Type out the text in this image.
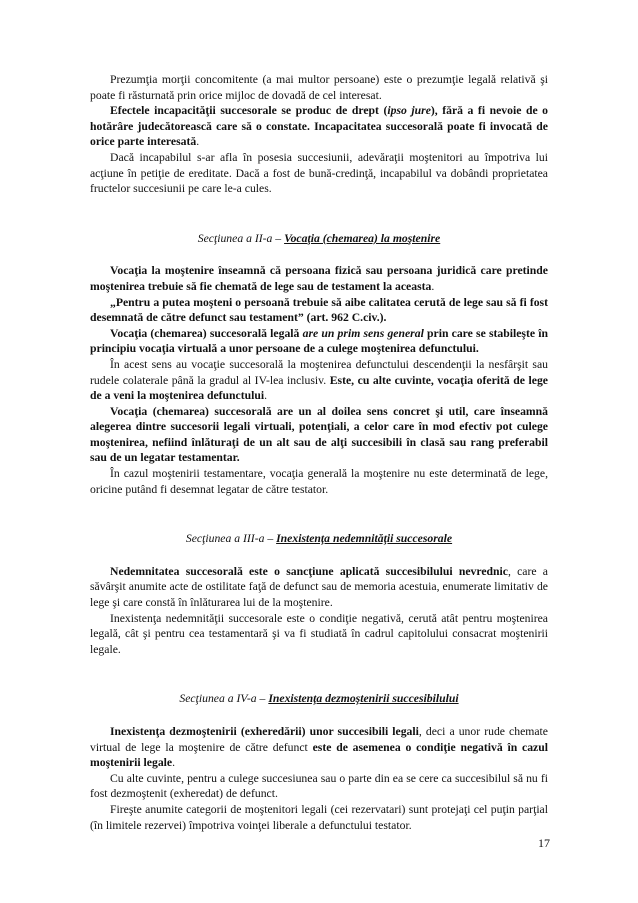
Prezumţia morţii concomitente (a mai multor persoane) este o prezumţie legală relativă şi poate fi răsturnată prin orice mijloc de dovadă de cel interesat.

Efectele incapacităţii succesorale se produc de drept (ipso jure), fără a fi nevoie de o hotărâre judecătorească care să o constate. Incapacitatea succesorală poate fi invocată de orice parte interesată.

Dacă incapabilul s-ar afla în posesia succesiunii, adevăraţii moştenitori au împotriva lui acţiune în petiţie de ereditate. Dacă a fost de bună-credinţă, incapabilul va dobândi proprietatea fructelor succesiunii pe care le-a cules.

Secţiunea a II-a – Vocaţia (chemarea) la moştenire

Vocaţia la moştenire înseamnă că persoana fizică sau persoana juridică care pretinde moştenirea trebuie să fie chemată de lege sau de testament la aceasta.

„Pentru a putea moşteni o persoană trebuie să aibe calitatea cerută de lege sau să fi fost desemnată de către defunct sau testament” (art. 962 C.civ.).

Vocaţia (chemarea) succesorală legală are un prim sens general prin care se stabileşte în principiu vocaţia virtuală a unor persoane de a culege moştenirea defunctului.

În acest sens au vocaţie succesorală la moştenirea defunctului descendenţii la nesfârşit sau rudele colaterale până la gradul al IV-lea inclusiv. Este, cu alte cuvinte, vocaţia oferită de lege de a veni la moştenirea defunctului.

Vocaţia (chemarea) succesorală are un al doilea sens concret şi util, care înseamnă alegerea dintre succesorii legali virtuali, potenţiali, a celor care în mod efectiv pot culege moştenirea, nefiind înlăturaţi de un alt sau de alţi succesibili în clasă sau rang preferabil sau de un legatar testamentar.

În cazul moştenirii testamentare, vocaţia generală la moştenire nu este determinată de lege, oricine putând fi desemnat legatar de către testator.

Secţiunea a III-a – Inexistenţa nedemnităţii succesorale

Nedemnitatea succesorală este o sancţiune aplicată succesibilului nevrednic, care a săvârşit anumite acte de ostilitate faţă de defunct sau de memoria acestuia, enumerate limitativ de lege şi care constă în înlăturarea lui de la moştenire.

Inexistenţa nedemnităţii succesorale este o condiţie negativă, cerută atât pentru moştenirea legală, cât şi pentru cea testamentară şi va fi studiată în cadrul capitolului consacrat moştenirii legale.

Secţiunea a IV-a – Inexistenţa dezmoştenirii succesibilului

Inexistenţa dezmoştenirii (exheredării) unor succesibili legali, deci a unor rude chemate virtual de lege la moştenire de către defunct este de asemenea o condiţie negativă în cazul moştenirii legale.

Cu alte cuvinte, pentru a culege succesiunea sau o parte din ea se cere ca succesibilul să nu fi fost dezmoştenit (exheredat) de defunct.

Fireşte anumite categorii de moştenitori legali (cei rezervatari) sunt protejaţi cel puţin parţial (în limitele rezervei) împotriva voinţei liberale a defunctului testator.

17
